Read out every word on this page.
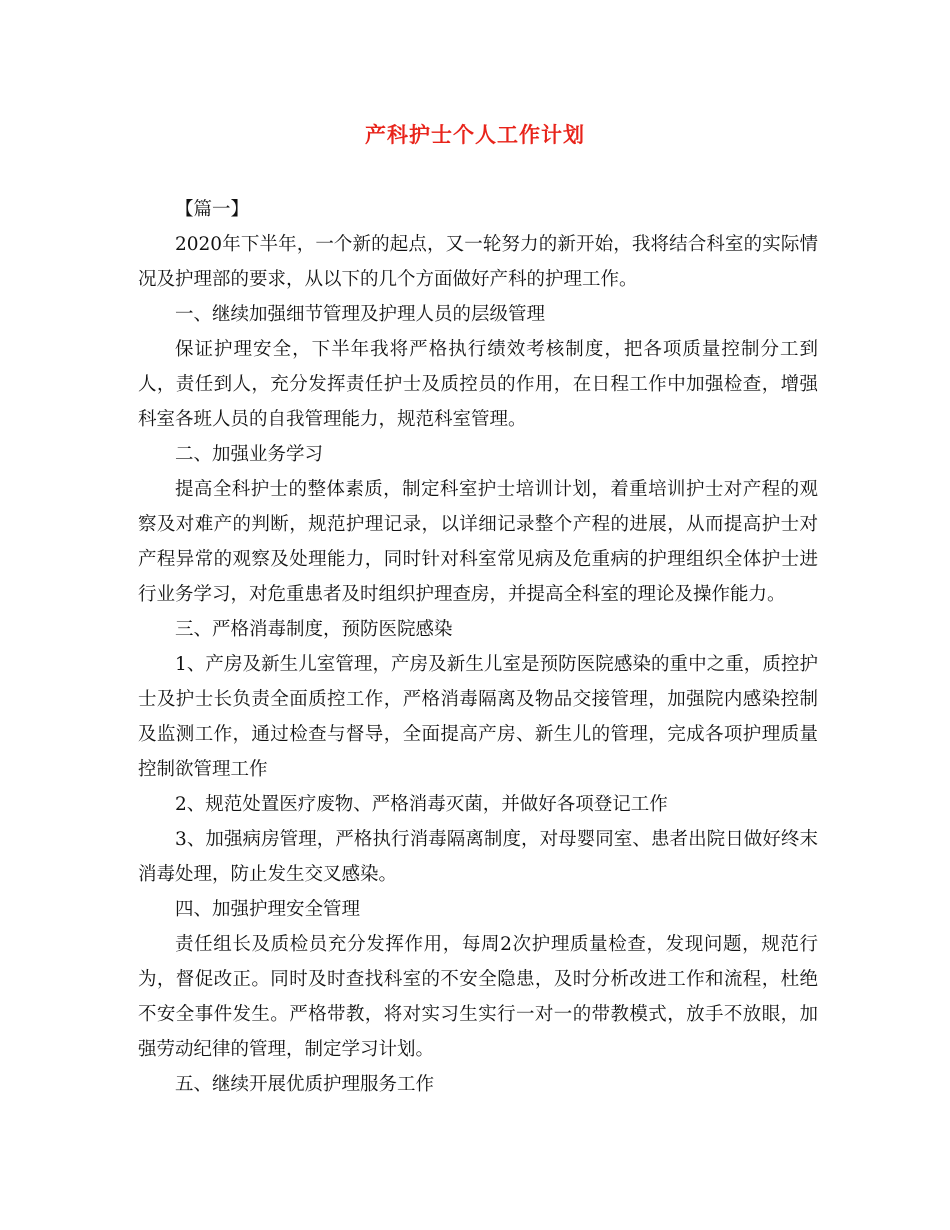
产科护士个人工作计划

【篇一】

2020年下半年，一个新的起点，又一轮努力的新开始，我将结合科室的实际情况及护理部的要求，从以下的几个方面做好产科的护理工作。

一、继续加强细节管理及护理人员的层级管理

保证护理安全，下半年我将严格执行绩效考核制度，把各项质量控制分工到人，责任到人，充分发挥责任护士及质控员的作用，在日程工作中加强检查，增强科室各班人员的自我管理能力，规范科室管理。

二、加强业务学习

提高全科护士的整体素质，制定科室护士培训计划，着重培训护士对产程的观察及对难产的判断，规范护理记录，以详细记录整个产程的进展，从而提高护士对产程异常的观察及处理能力，同时针对科室常见病及危重病的护理组织全体护士进行业务学习，对危重患者及时组织护理查房，并提高全科室的理论及操作能力。

三、严格消毒制度，预防医院感染

1、产房及新生儿室管理，产房及新生儿室是预防医院感染的重中之重，质控护士及护士长负责全面质控工作，严格消毒隔离及物品交接管理，加强院内感染控制及监测工作，通过检查与督导，全面提高产房、新生儿的管理，完成各项护理质量控制欲管理工作

2、规范处置医疗废物、严格消毒灭菌，并做好各项登记工作

3、加强病房管理，严格执行消毒隔离制度，对母婴同室、患者出院日做好终末消毒处理，防止发生交叉感染。

四、加强护理安全管理

责任组长及质检员充分发挥作用，每周2次护理质量检查，发现问题，规范行为，督促改正。同时及时查找科室的不安全隐患，及时分析改进工作和流程，杜绝不安全事件发生。严格带教，将对实习生实行一对一的带教模式，放手不放眼，加强劳动纪律的管理，制定学习计划。

五、继续开展优质护理服务工作
